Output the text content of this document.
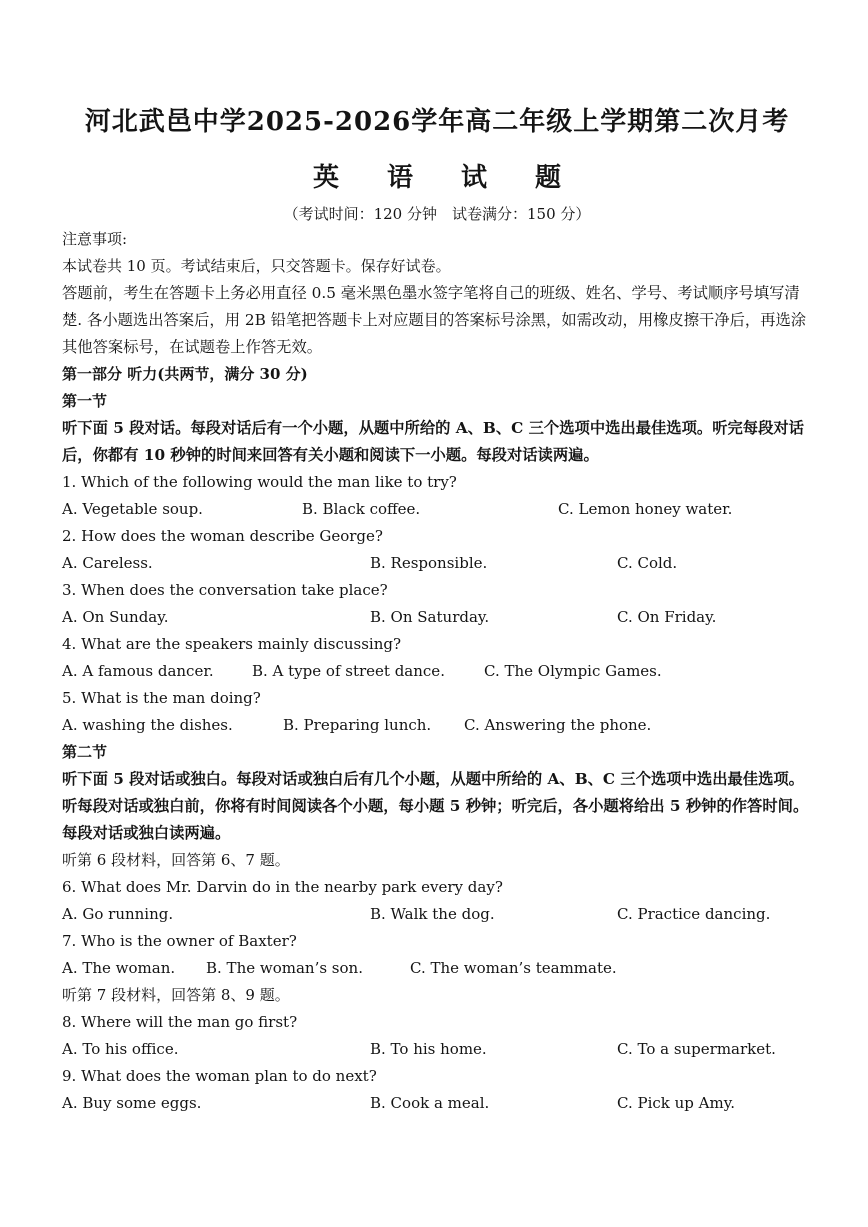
河北武邑中学2025-2026学年高二年级上学期第二次月考
英 语 试 题
（考试时间：120 分钟　试卷满分：150 分）
注意事项:
本试卷共 10 页。考试结束后，只交答题卡。保存好试卷。
答题前，考生在答题卡上务必用直径 0.5 毫米黑色墨水签字笔将自己的班级、姓名、学号、考试顺序号填写清楚. 各小题选出答案后，用 2B 铅笔把答题卡上对应题目的答案标号涂黑，如需改动，用橡皮擦干净后，再选涂其他答案标号，在试题卷上作答无效。
第一部分 听力(共两节，满分 30 分)
第一节
听下面 5 段对话。每段对话后有一个小题，从题中所给的 A、B、C 三个选项中选出最佳选项。听完每段对话后，你都有 10 秒钟的时间来回答有关小题和阅读下一小题。每段对话读两遍。
1. Which of the following would the man like to try?
A. Vegetable soup.	B. Black coffee.	C. Lemon honey water.
2. How does the woman describe George?
A. Careless.	B. Responsible.	C. Cold.
3. When does the conversation take place?
A. On Sunday.	B. On Saturday.	C. On Friday.
4. What are the speakers mainly discussing?
A. A famous dancer.	B. A type of street dance.	C. The Olympic Games.
5. What is the man doing?
A. washing the dishes.	B. Preparing lunch.	C. Answering the phone.
第二节
听下面 5 段对话或独白。每段对话或独白后有几个小题，从题中所给的 A、B、C 三个选项中选出最佳选项。听每段对话或独白前，你将有时间阅读各个小题，每小题 5 秒钟；听完后，各小题将给出 5 秒钟的作答时间。每段对话或独白读两遍。
听第 6 段材料，回答第 6、7 题。
6. What does Mr. Darvin do in the nearby park every day?
A. Go running.	B. Walk the dog.	C. Practice dancing.
7. Who is the owner of Baxter?
A. The woman.	B. The woman’s son.	C. The woman’s teammate.
听第 7 段材料，回答第 8、9 题。
8. Where will the man go first?
A. To his office.	B. To his home.	C. To a supermarket.
9. What does the woman plan to do next?
A. Buy some eggs.	B. Cook a meal.	C. Pick up Amy.
